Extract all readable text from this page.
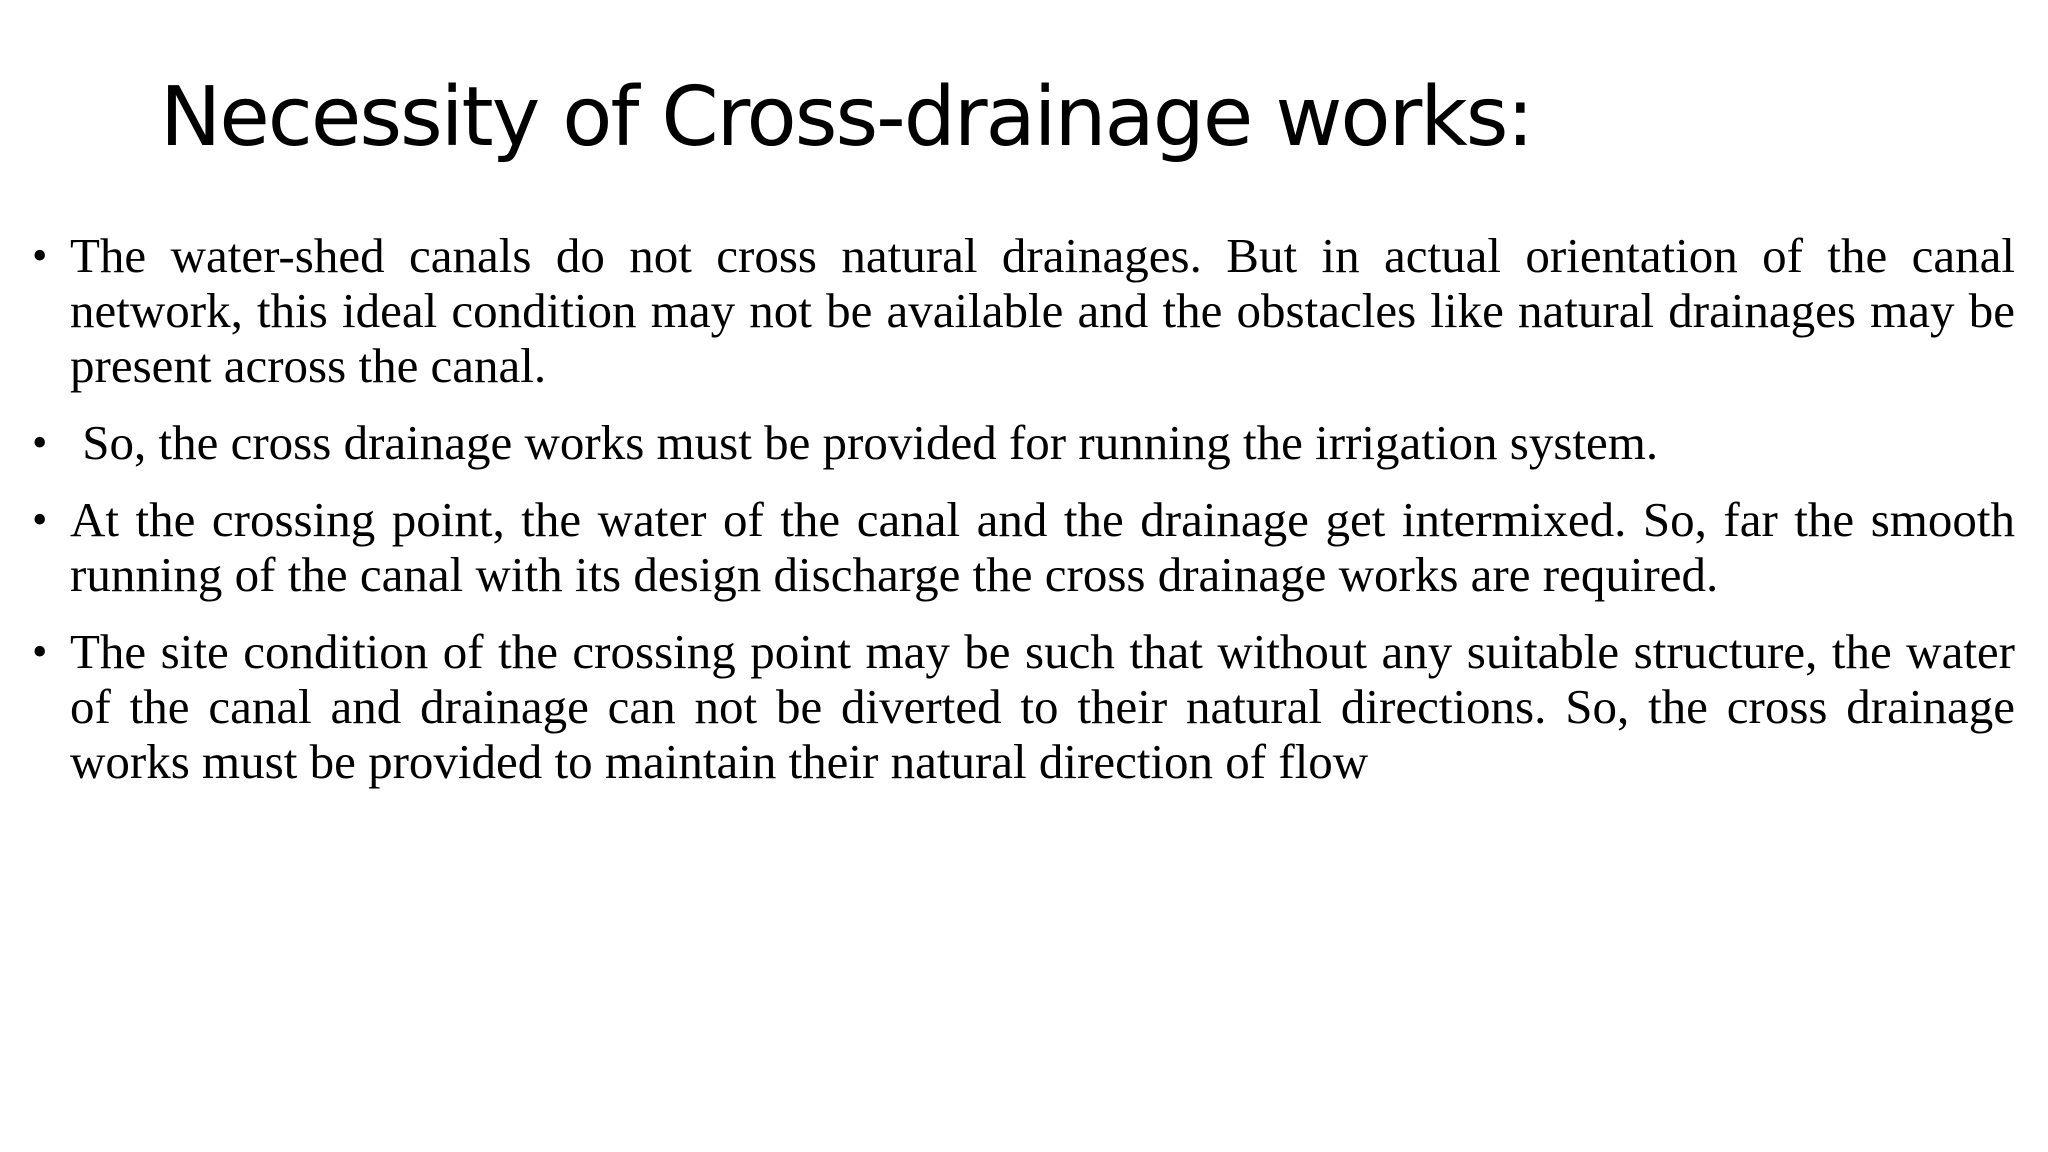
Necessity of Cross-drainage works:
• The water-shed canals do not cross natural drainages. But in actual orientation of the canal network, this ideal condition may not be available and the obstacles like natural drainages may be present across the canal.
• So, the cross drainage works must be provided for running the irrigation system.
• At the crossing point, the water of the canal and the drainage get intermixed. So, far the smooth running of the canal with its design discharge the cross drainage works are required.
• The site condition of the crossing point may be such that without any suitable structure, the water of the canal and drainage can not be diverted to their natural directions. So, the cross drainage works must be provided to maintain their natural direction of flow
